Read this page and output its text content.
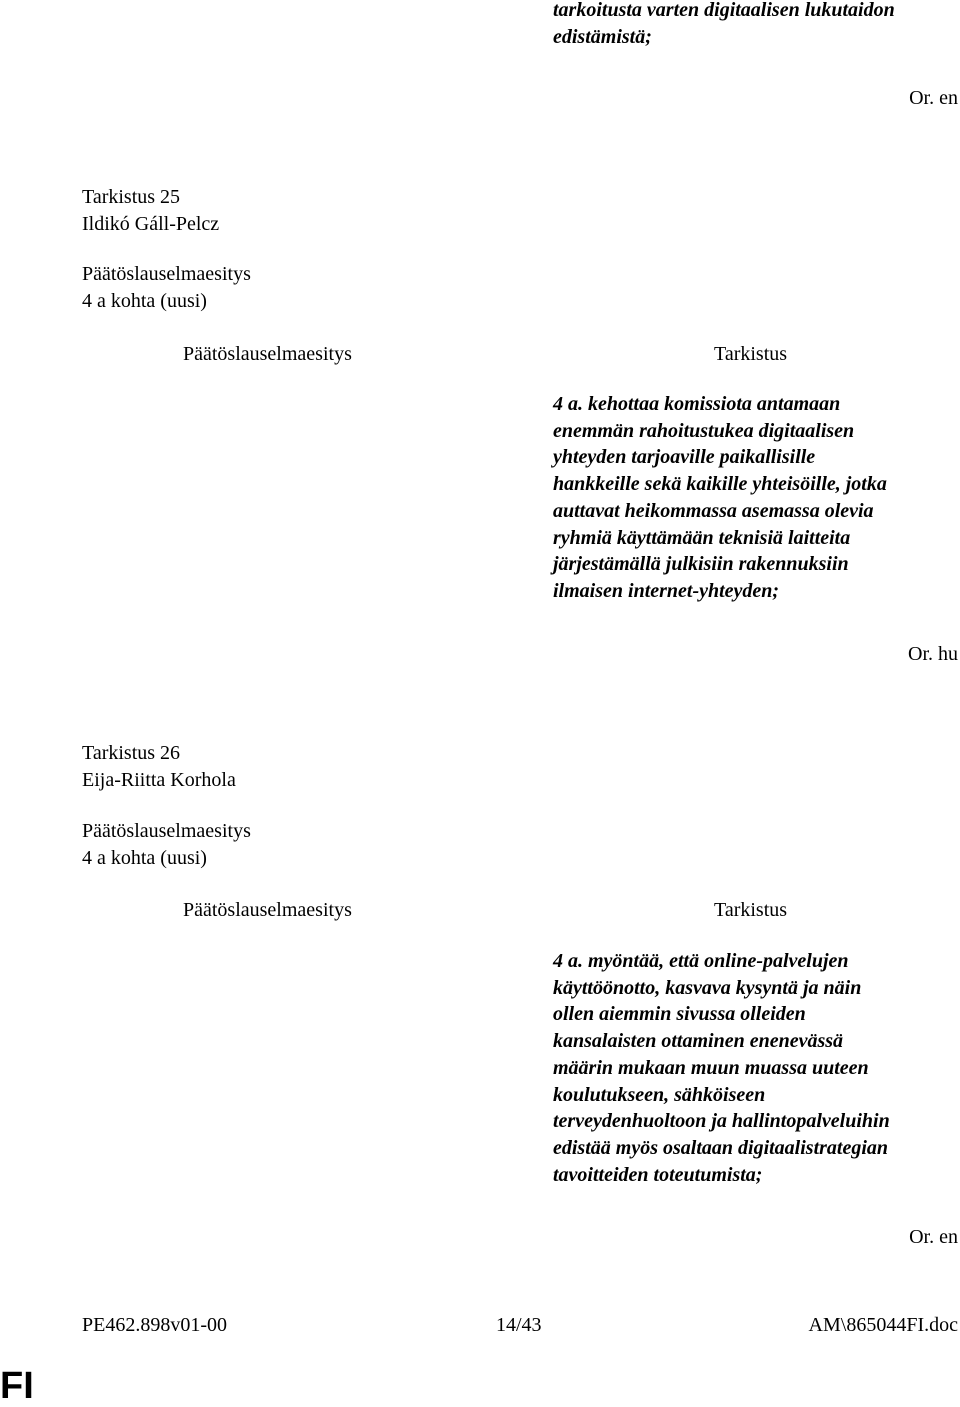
tarkoitusta varten digitaalisen lukutaidon
edistämistä;
Or. en
Tarkistus 25
Ildikó Gáll-Pelcz
Päätöslauselmaesitys
4 a kohta (uusi)
Päätöslauselmaesitys	Tarkistus
4 a. kehottaa komissiota antamaan
enemmän rahoitustukea digitaalisen
yhteyden tarjoaville paikallisille
hankkeille sekä kaikille yhteisöille, jotka
auttavat heikommassa asemassa olevia
ryhmiä käyttämään teknisiä laitteita
järjestämällä julkisiin rakennuksiin
ilmaisen internet-yhteyden;
Or. hu
Tarkistus 26
Eija-Riitta Korhola
Päätöslauselmaesitys
4 a kohta (uusi)
Päätöslauselmaesitys	Tarkistus
4 a. myöntää, että online-palvelujen
käyttöönotto, kasvava kysyntä ja näin
ollen aiemmin sivussa olleiden
kansalaisten ottaminen enenevässä
määrin mukaan muun muassa uuteen
koulutukseen, sähköiseen
terveydenhuoltoon ja hallintopalveluihin
edistää myös osaltaan digitaalistrategian
tavoitteiden toteutumista;
Or. en
PE462.898v01-00	14/43	AM\865044FI.doc
FI
